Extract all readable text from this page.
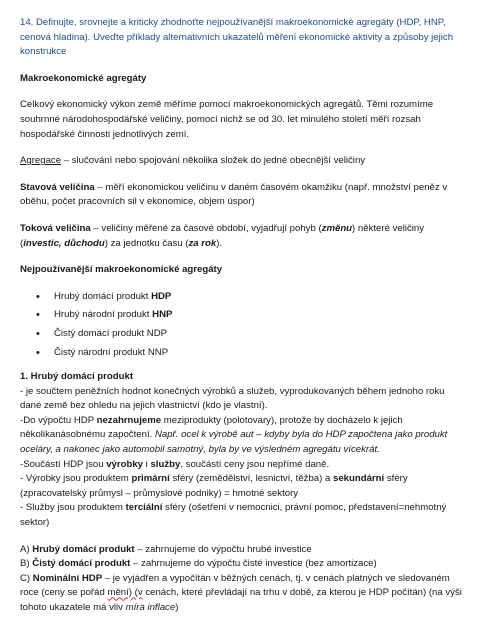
14. Definujte, srovnejte a kriticky zhodnoťte nejpoužívanější makroekonomické agregáty (HDP, HNP, cenová hladina). Uveďte příklady alternativních ukazatelů měření ekonomické aktivity a způsoby jejich konstrukce

Makroekonomické agregáty

Celkový ekonomický výkon země měříme pomocí makroekonomických agregátů. Těmi rozumíme souhrnné národohospodářské veličiny, pomocí nichž se od 30. let minulého století měří rozsah hospodářské činnosti jednotlivých zemí.

Agregace – slučování nebo spojování několika složek do jedné obecnější veličiny

Stavová veličina – měří ekonomickou veličinu v daném časovém okamžiku (např. množství peněz v oběhu, počet pracovních sil v ekonomice, objem úspor)

Toková veličina – veličiny měřené za časové období, vyjadřují pohyb (změnu) některé veličiny (investic, důchodu) za jednotku času (za rok).

Nejpoužívanější makroekonomické agregáty

• Hrubý domácí produkt HDP
• Hrubý národní produkt HNP
• Čistý domácí produkt NDP
• Čistý národní produkt NNP
1. Hrubý domácí produkt
- je součtem peněžních hodnot konečných výrobků a služeb, vyprodukovaných během jednoho roku dané země bez ohledu na jejich vlastnictví (kdo je vlastní).
-Do výpočtu HDP nezahrnujeme meziprodukty (polotovary), protože by docházelo k jejich několikanásobnému započtení. Např. ocel k výrobě aut – kdyby byla do HDP započtena jako produkt oceláry, a nakonec jako automobil samotný, byla by ve výsledném agregátu vícekrát.
-Součástí HDP jsou výrobky i služby, součástí ceny jsou nepřímé daně.
- Výrobky jsou produktem primární sféry (zemědělství, lesnictví, těžba) a sekundární sféry (zpracovatelský průmysl – průmyslové podniky) = hmotné sektory
- Služby jsou produktem terciální sféry (ošetření v nemocnici, právní pomoc, představení=nehmotný sektor)
A) Hrubý domácí produkt – zahrnujeme do výpočtu hrubé investice
B) Čistý domácí produkt – zahrnujeme do výpočtu čisté investice (bez amortizace)
C) Nominální HDP – je vyjádřen a vypočítán v běžných cenách, tj. v cenách platných ve sledovaném roce (ceny se pořád mění) (v cenách, které převládají na trhu v době, za kterou je HDP počítán) (na výši tohoto ukazatele má vliv míra inflace)
